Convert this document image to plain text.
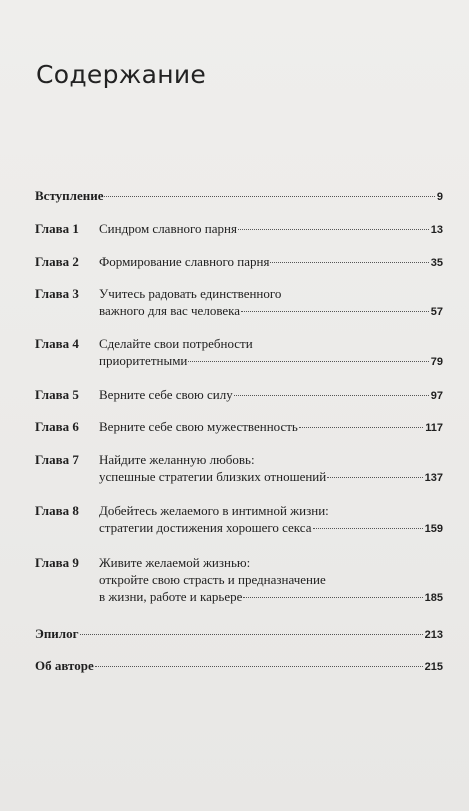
Содержание
Вступление	9
Глава 1 Синдром славного парня	13
Глава 2 Формирование славного парня	35
Глава 3 Учитесь радовать единственного
важного для вас человека	57
Глава 4 Сделайте свои потребности
приоритетными	79
Глава 5 Верните себе свою силу	97
Глава 6 Верните себе свою мужественность	117
Глава 7 Найдите желанную любовь:
успешные стратегии близких отношений	137
Глава 8 Добейтесь желаемого в интимной жизни:
стратегии достижения хорошего секса	159
Глава 9 Живите желаемой жизнью:
откройте свою страсть и предназначение
в жизни, работе и карьере	185
Эпилог	213
Об авторе	215
